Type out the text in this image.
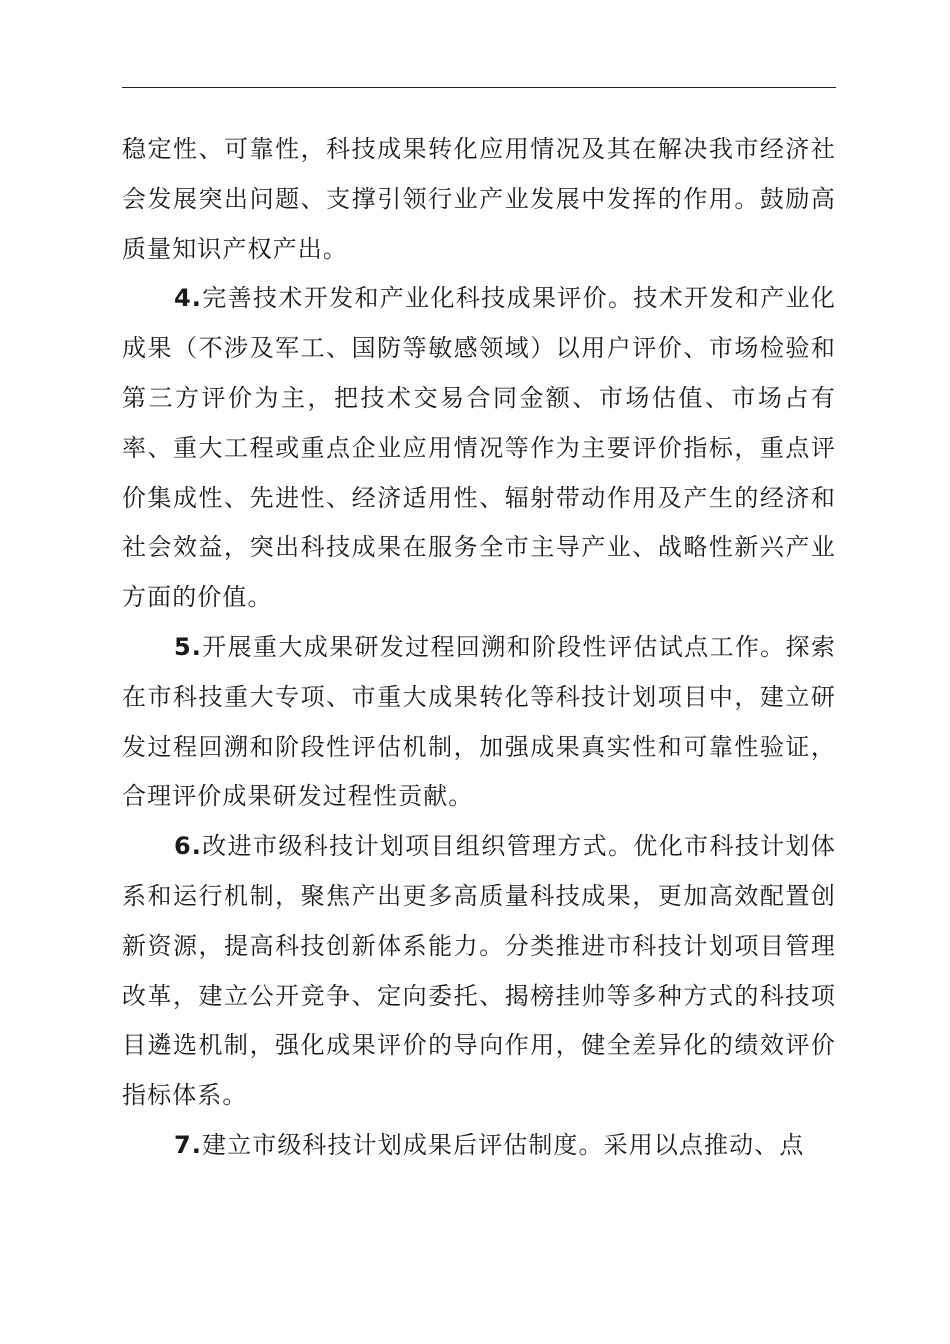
稳定性、可靠性，科技成果转化应用情况及其在解决我市经济社会发展突出问题、支撑引领行业产业发展中发挥的作用。鼓励高质量知识产权产出。

4.完善技术开发和产业化科技成果评价。技术开发和产业化成果（不涉及军工、国防等敏感领域）以用户评价、市场检验和第三方评价为主，把技术交易合同金额、市场估值、市场占有率、重大工程或重点企业应用情况等作为主要评价指标，重点评价集成性、先进性、经济适用性、辐射带动作用及产生的经济和社会效益，突出科技成果在服务全市主导产业、战略性新兴产业方面的价值。

5.开展重大成果研发过程回溯和阶段性评估试点工作。探索在市科技重大专项、市重大成果转化等科技计划项目中，建立研发过程回溯和阶段性评估机制，加强成果真实性和可靠性验证，合理评价成果研发过程性贡献。

6.改进市级科技计划项目组织管理方式。优化市科技计划体系和运行机制，聚焦产出更多高质量科技成果，更加高效配置创新资源，提高科技创新体系能力。分类推进市科技计划项目管理改革，建立公开竞争、定向委托、揭榜挂帅等多种方式的科技项目遴选机制，强化成果评价的导向作用，健全差异化的绩效评价指标体系。

7.建立市级科技计划成果后评估制度。采用以点推动、点
